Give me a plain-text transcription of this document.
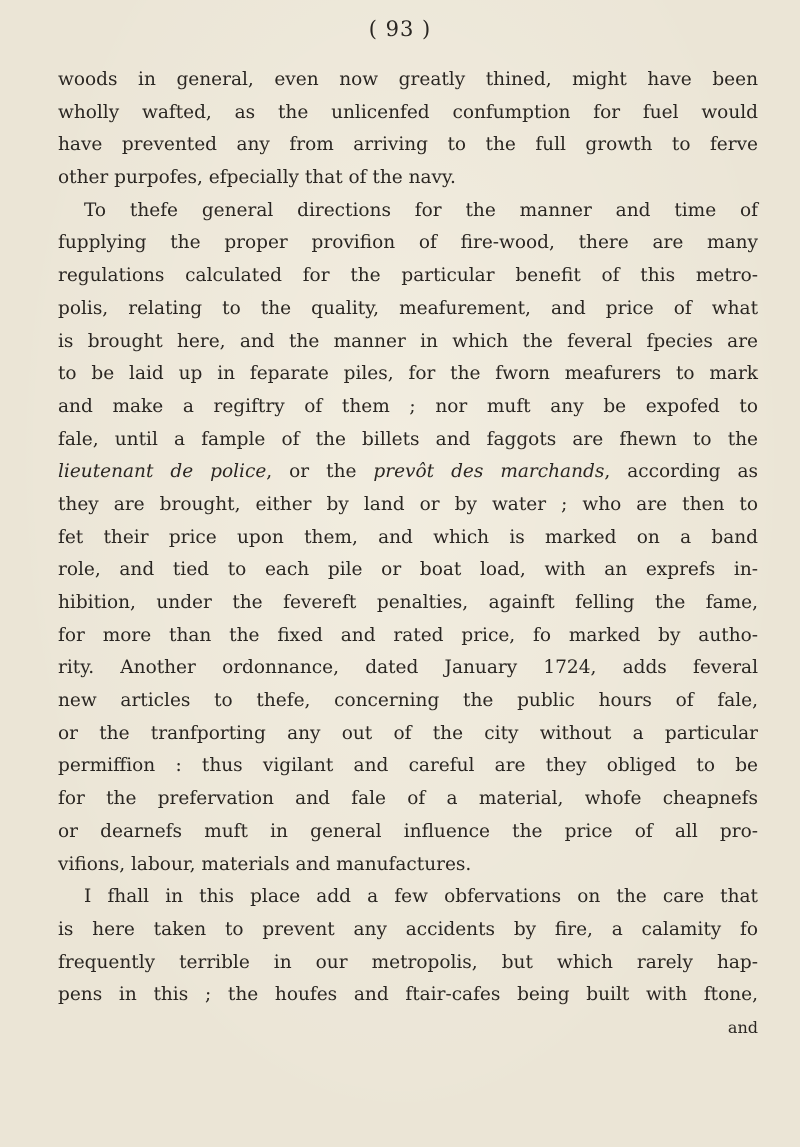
( 93 )

woods in general, even now greatly thined, might have been
wholly wafted, as the unlicenfed confumption for fuel would
have prevented any from arriving to the full growth to ferve
other purpofes, efpecially that of the navy.

To thefe general directions for the manner and time of
fupplying the proper provifion of fire-wood, there are many
regulations calculated for the particular benefit of this metro-
polis, relating to the quality, meafurement, and price of what
is brought here, and the manner in which the feveral fpecies are
to be laid up in feparate piles, for the fworn meafurers to mark
and make a regiftry of them ; nor muft any be expofed to
fale, until a fample of the billets and faggots are fhewn to the
lieutenant de police, or the prevôt des marchands, according as
they are brought, either by land or by water ; who are then to
fet their price upon them, and which is marked on a band
role, and tied to each pile or boat load, with an exprefs in-
hibition, under the fevereft penalties, againft felling the fame,
for more than the fixed and rated price, fo marked by autho-
rity. Another ordonnance, dated January 1724, adds feveral
new articles to thefe, concerning the public hours of fale,
or the tranfporting any out of the city without a particular
permiffion : thus vigilant and careful are they obliged to be
for the prefervation and fale of a material, whofe cheapnefs
or dearnefs muft in general influence the price of all pro-
vifions, labour, materials and manufactures.

I fhall in this place add a few obfervations on the care that
is here taken to prevent any accidents by fire, a calamity fo
frequently terrible in our metropolis, but which rarely hap-
pens in this ; the houfes and ftair-cafes being built with ftone,
and
